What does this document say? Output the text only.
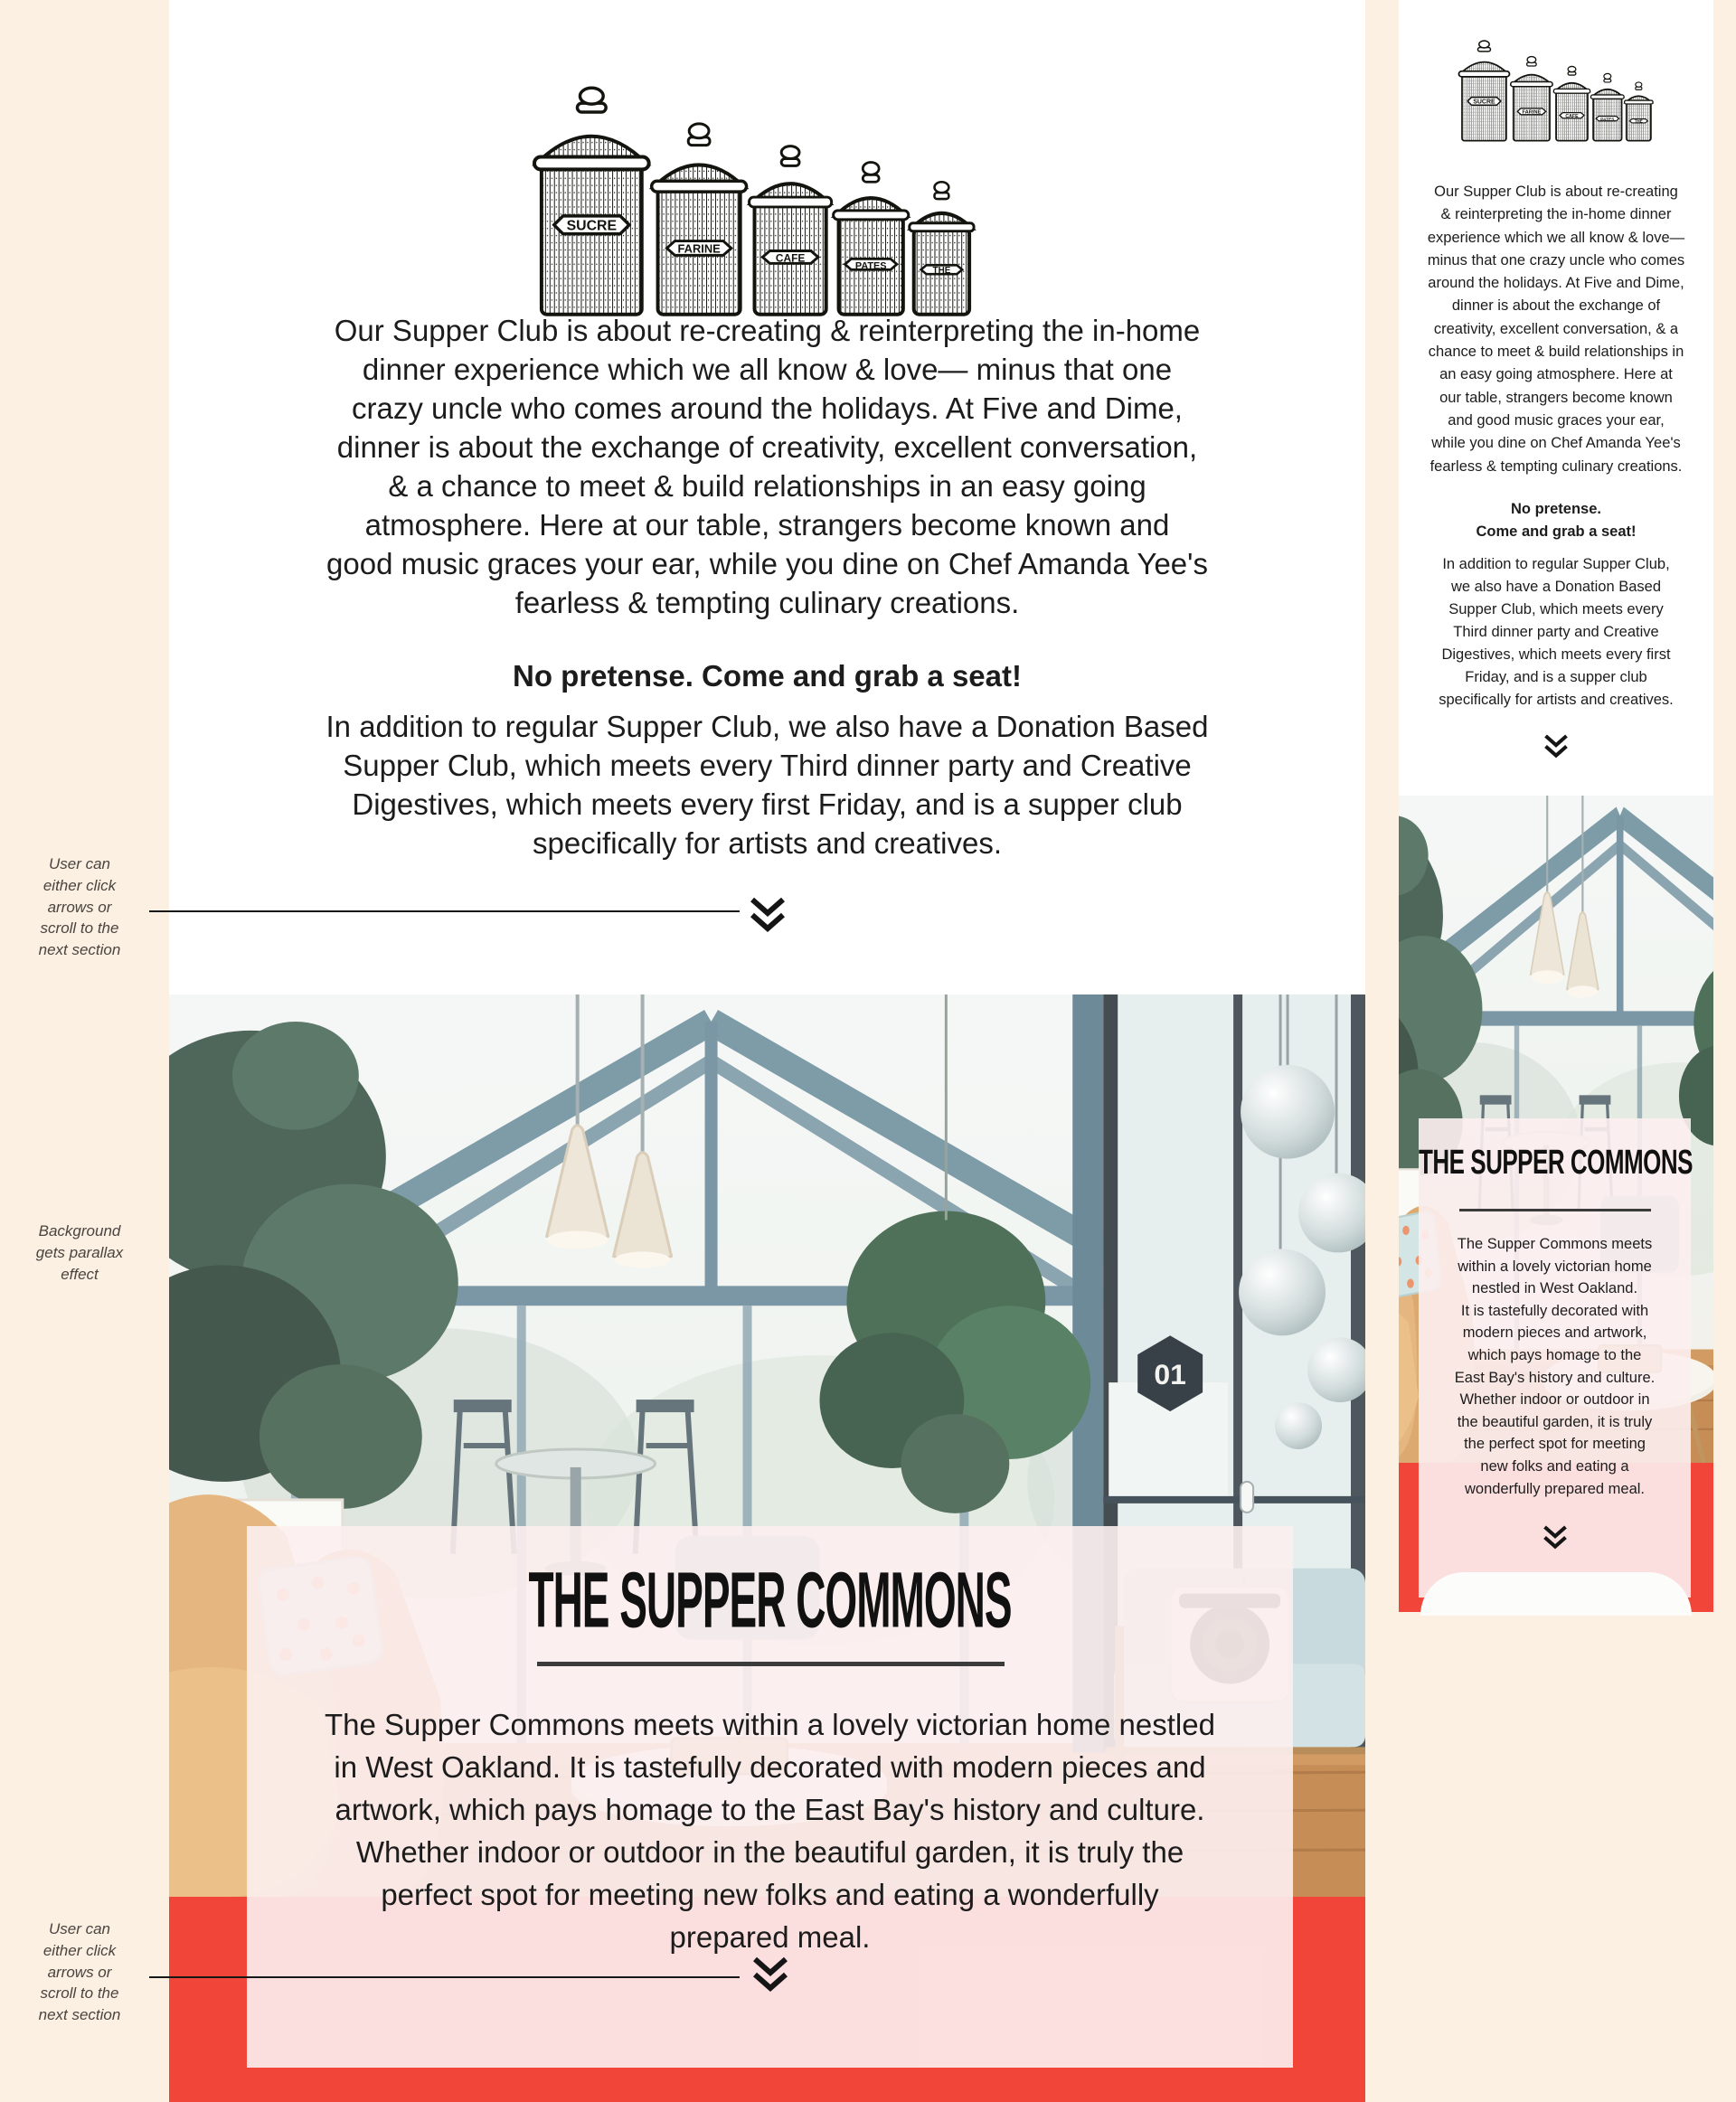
Our Supper Club is about re-creating & reinterpreting the in-home
dinner experience which we all know & love— minus that one
crazy uncle who comes around the holidays. At Five and Dime,
dinner is about the exchange of creativity, excellent conversation,
& a chance to meet & build relationships in an easy going
atmosphere. Here at our table, strangers become known and
good music graces your ear, while you dine on Chef Amanda Yee's
fearless & tempting culinary creations.
No pretense. Come and grab a seat!
In addition to regular Supper Club, we also have a Donation Based
Supper Club, which meets every Third dinner party and Creative
Digestives, which meets every first Friday, and is a supper club
specifically for artists and creatives.
THE SUPPER COMMONS
The Supper Commons meets within a lovely victorian home nestled
in West Oakland. It is tastefully decorated with modern pieces and
artwork, which pays homage to the East Bay's history and culture.
Whether indoor or outdoor in the beautiful garden, it is truly the
perfect spot for meeting new folks and eating a wonderfully
prepared meal.
Our Supper Club is about re-creating
& reinterpreting the in-home dinner
experience which we all know & love—
minus that one crazy uncle who comes
around the holidays. At Five and Dime,
dinner is about the exchange of
creativity, excellent conversation, & a
chance to meet & build relationships in
an easy going atmosphere. Here at
our table, strangers become known
and good music graces your ear,
while you dine on Chef Amanda Yee's
fearless & tempting culinary creations.
No pretense.
Come and grab a seat!
In addition to regular Supper Club,
we also have a Donation Based
Supper Club, which meets every
Third dinner party and Creative
Digestives, which meets every first
Friday, and is a supper club
specifically for artists and creatives.
THE SUPPER COMMONS
The Supper Commons meets
within a lovely victorian home
nestled in West Oakland.
It is tastefully decorated with
modern pieces and artwork,
which pays homage to the
East Bay's history and culture.
Whether indoor or outdoor in
the beautiful garden, it is truly
the perfect spot for meeting
new folks and eating a
wonderfully prepared meal.
User can
either click
arrows or
scroll to the
next section
Background
gets parallax
effect
User can
either click
arrows or
scroll to the
next section
